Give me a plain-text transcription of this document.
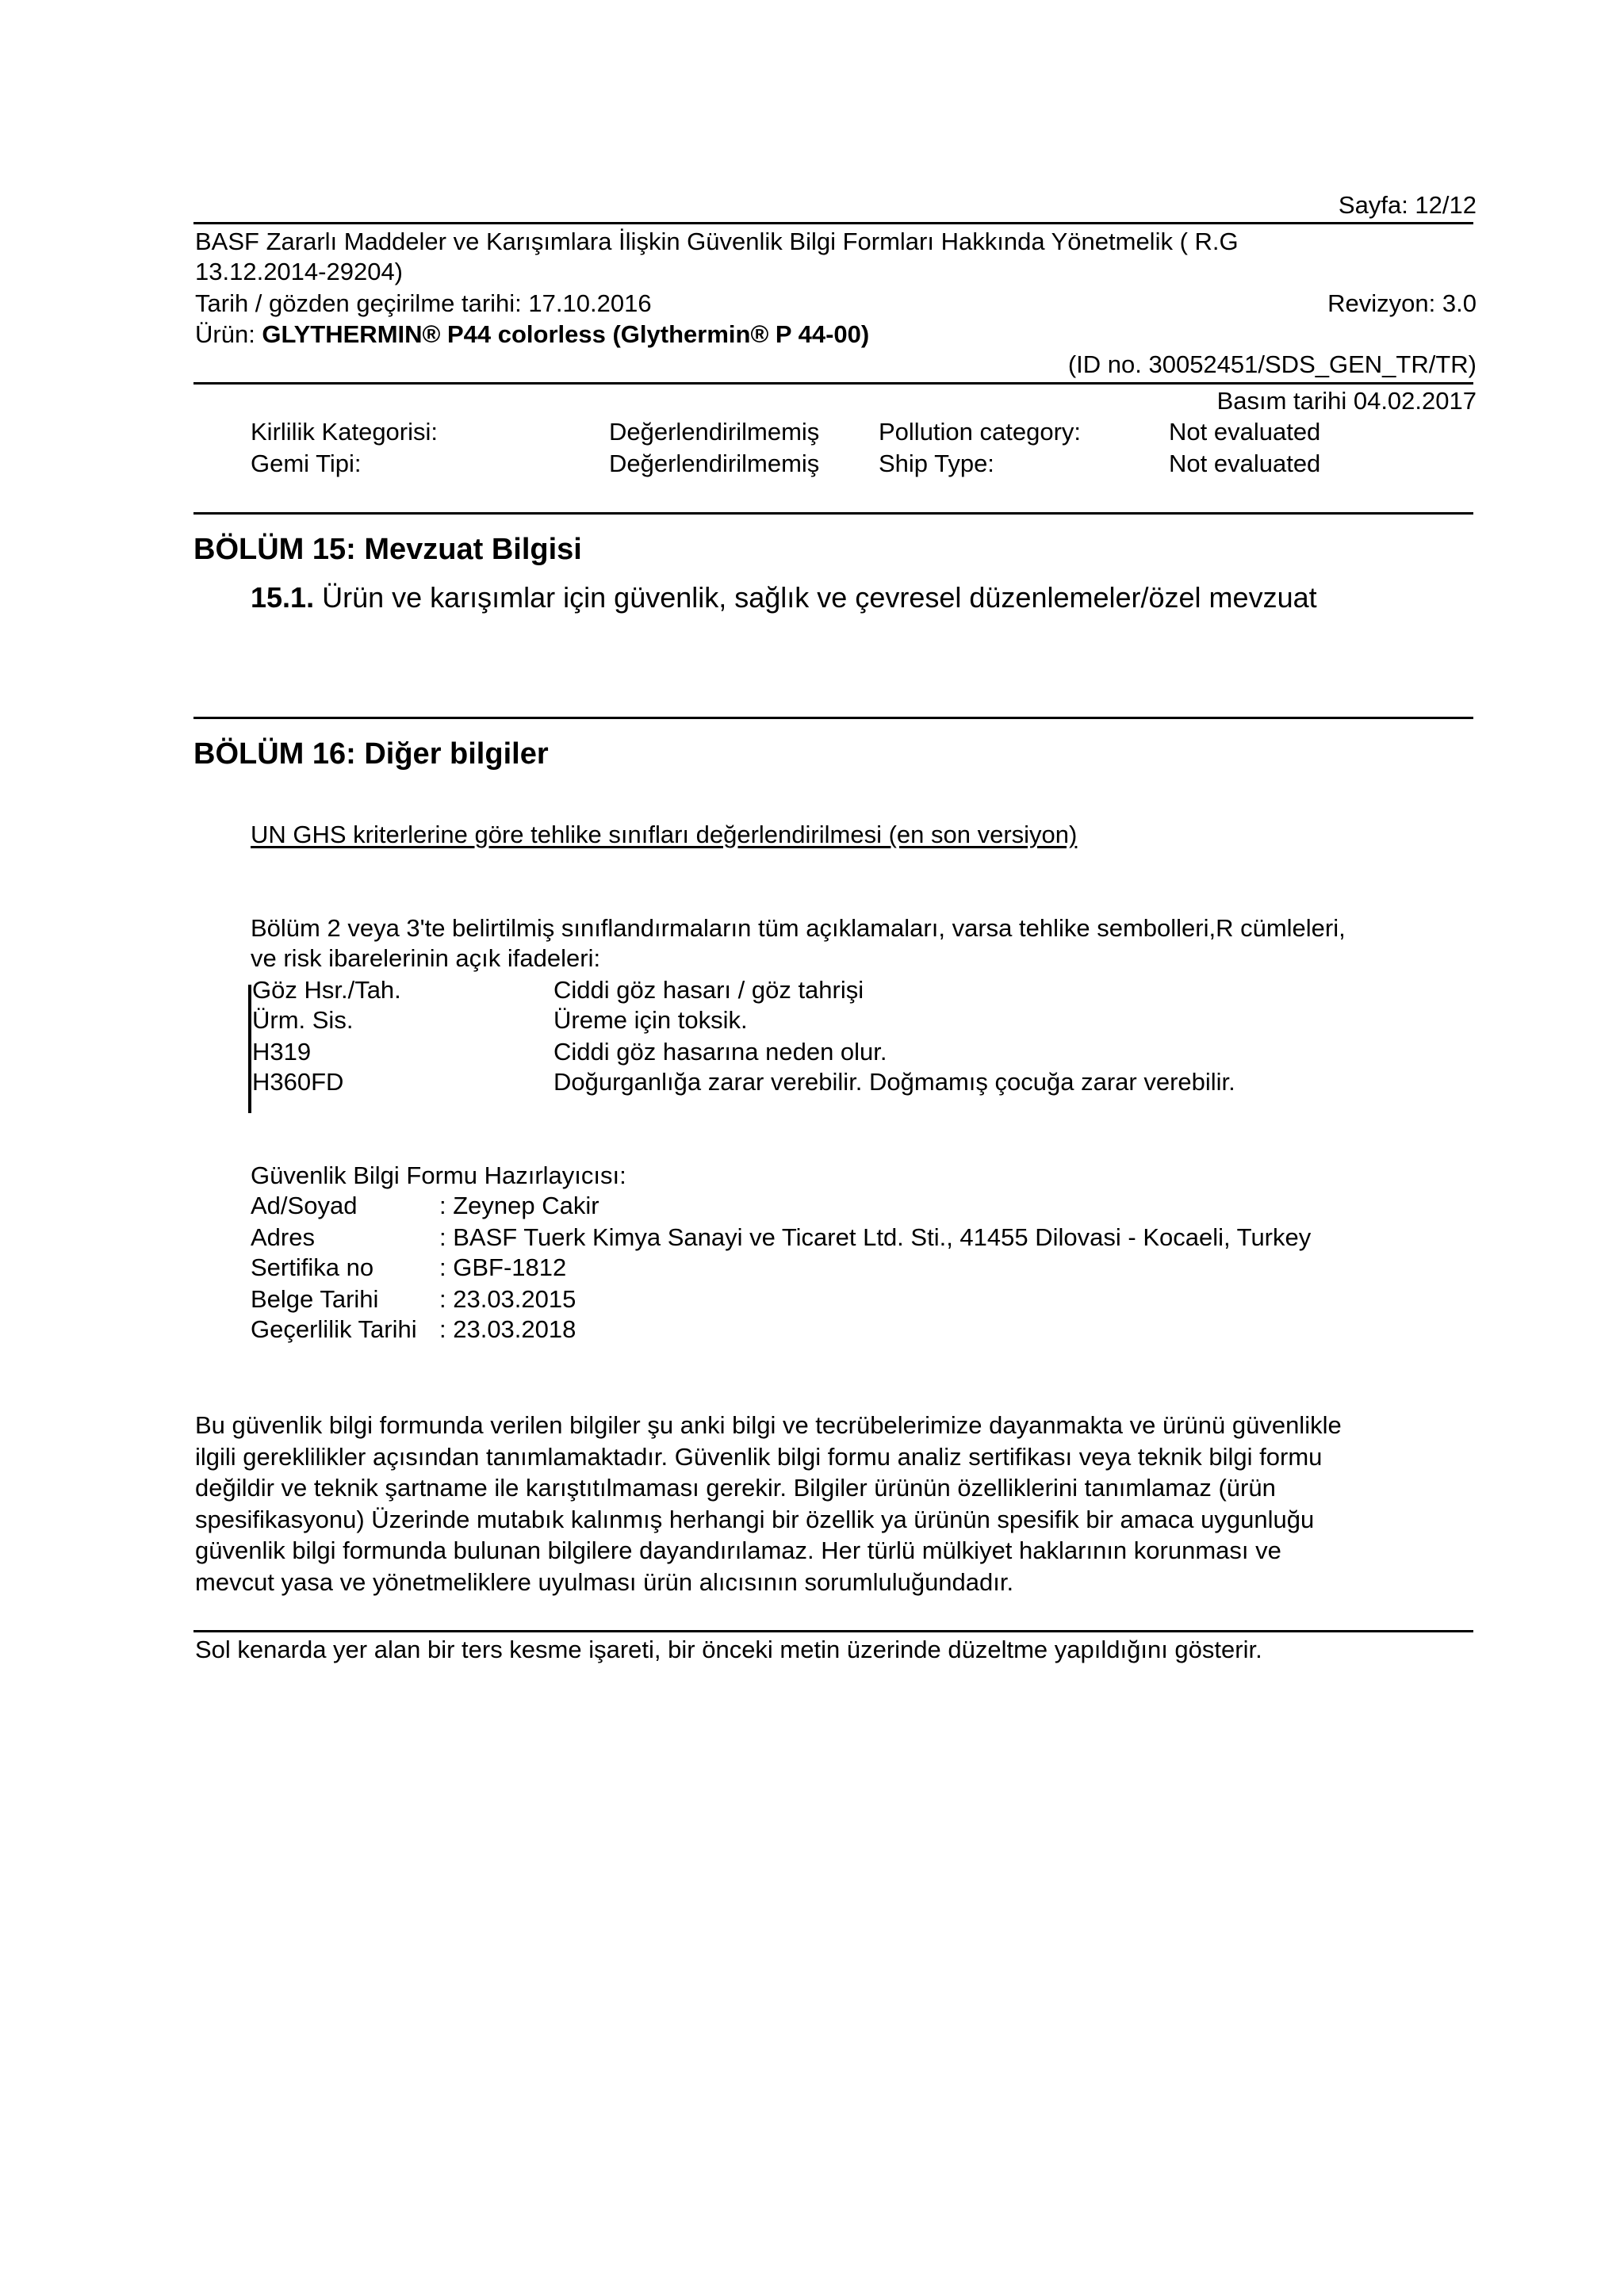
Sayfa: 12/12
BASF Zararlı Maddeler ve Karışımlara İlişkin Güvenlik Bilgi Formları Hakkında Yönetmelik ( R.G
13.12.2014-29204)
Tarih / gözden geçirilme tarihi: 17.10.2016	Revizyon: 3.0
Ürün: GLYTHERMIN® P44 colorless (Glythermin® P 44-00)
(ID no. 30052451/SDS_GEN_TR/TR)
Basım tarihi 04.02.2017
Kirlilik Kategorisi:	Değerlendirilmemiş Pollution category:	Not evaluated
Gemi Tipi:	Değerlendirilmemiş Ship Type:	Not evaluated
BÖLÜM 15: Mevzuat Bilgisi
15.1. Ürün ve karışımlar için güvenlik, sağlık ve çevresel düzenlemeler/özel mevzuat
BÖLÜM 16: Diğer bilgiler
UN GHS kriterlerine göre tehlike sınıfları değerlendirilmesi (en son versiyon)
Bölüm 2 veya 3'te belirtilmiş sınıflandırmaların tüm açıklamaları, varsa tehlike sembolleri,R cümleleri,
ve risk ibarelerinin açık ifadeleri:
Göz Hsr./Tah.	Ciddi göz hasarı / göz tahrişi
Ürm. Sis.	Üreme için toksik.
H319	Ciddi göz hasarına neden olur.
H360FD	Doğurganlığa zarar verebilir. Doğmamış çocuğa zarar verebilir.
Güvenlik Bilgi Formu Hazırlayıcısı:
Ad/Soyad	: Zeynep Cakir
Adres	: BASF Tuerk Kimya Sanayi ve Ticaret Ltd. Sti., 41455 Dilovasi - Kocaeli, Turkey
Sertifika no	: GBF-1812
Belge Tarihi : 23.03.2015
Geçerlilik Tarihi : 23.03.2018
Bu güvenlik bilgi formunda verilen bilgiler şu anki bilgi ve tecrübelerimize dayanmakta ve ürünü güvenlikle
ilgili gereklilikler açısından tanımlamaktadır. Güvenlik bilgi formu analiz sertifikası veya teknik bilgi formu
değildir ve teknik şartname ile karıştıtılmaması gerekir. Bilgiler ürünün özelliklerini tanımlamaz (ürün
spesifikasyonu) Üzerinde mutabık kalınmış herhangi bir özellik ya ürünün spesifik bir amaca uygunluğu
güvenlik bilgi formunda bulunan bilgilere dayandırılamaz. Her türlü mülkiyet haklarının korunması ve
mevcut yasa ve yönetmeliklere uyulması ürün alıcısının sorumluluğundadır.
Sol kenarda yer alan bir ters kesme işareti, bir önceki metin üzerinde düzeltme yapıldığını gösterir.
